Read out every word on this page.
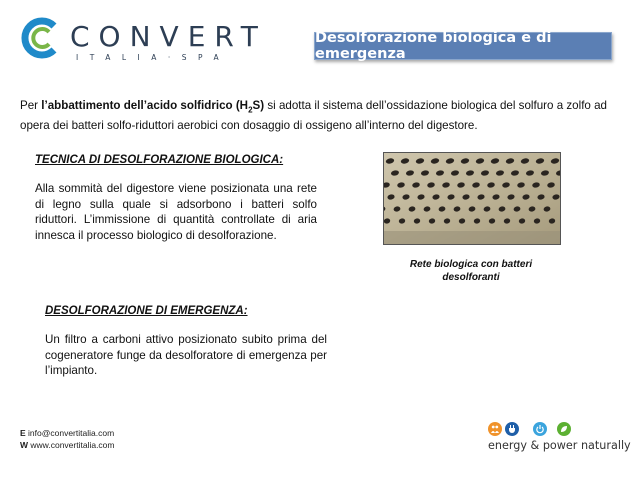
CONVERT
ITALIA·SPA
Desolforazione biologica e di emergenza
Per l’abbattimento dell’acido solfidrico $(H_2S)$ si adotta il sistema dell’ossidazione biologica del solfuro a zolfo ad opera dei batteri solfo-riduttori aerobici con dosaggio di ossigeno all’interno del digestore.
TECNICA DI DESOLFORAZIONE BIOLOGICA:
Alla sommità del digestore viene posizionata una rete di legno sulla quale si adsorbono i batteri solfo riduttori. L’immissione di quantità controllate di aria innesca il processo biologico di desolforazione.
Rete biologica con batteri desolforanti
DESOLFORAZIONE DI EMERGENZA:
Un filtro a carboni attivo posizionato subito prima del cogeneratore funge da desolforatore di emergenza per l’impianto.
E info@convertitalia.com
W www.convertitalia.com	energy & power naturally
